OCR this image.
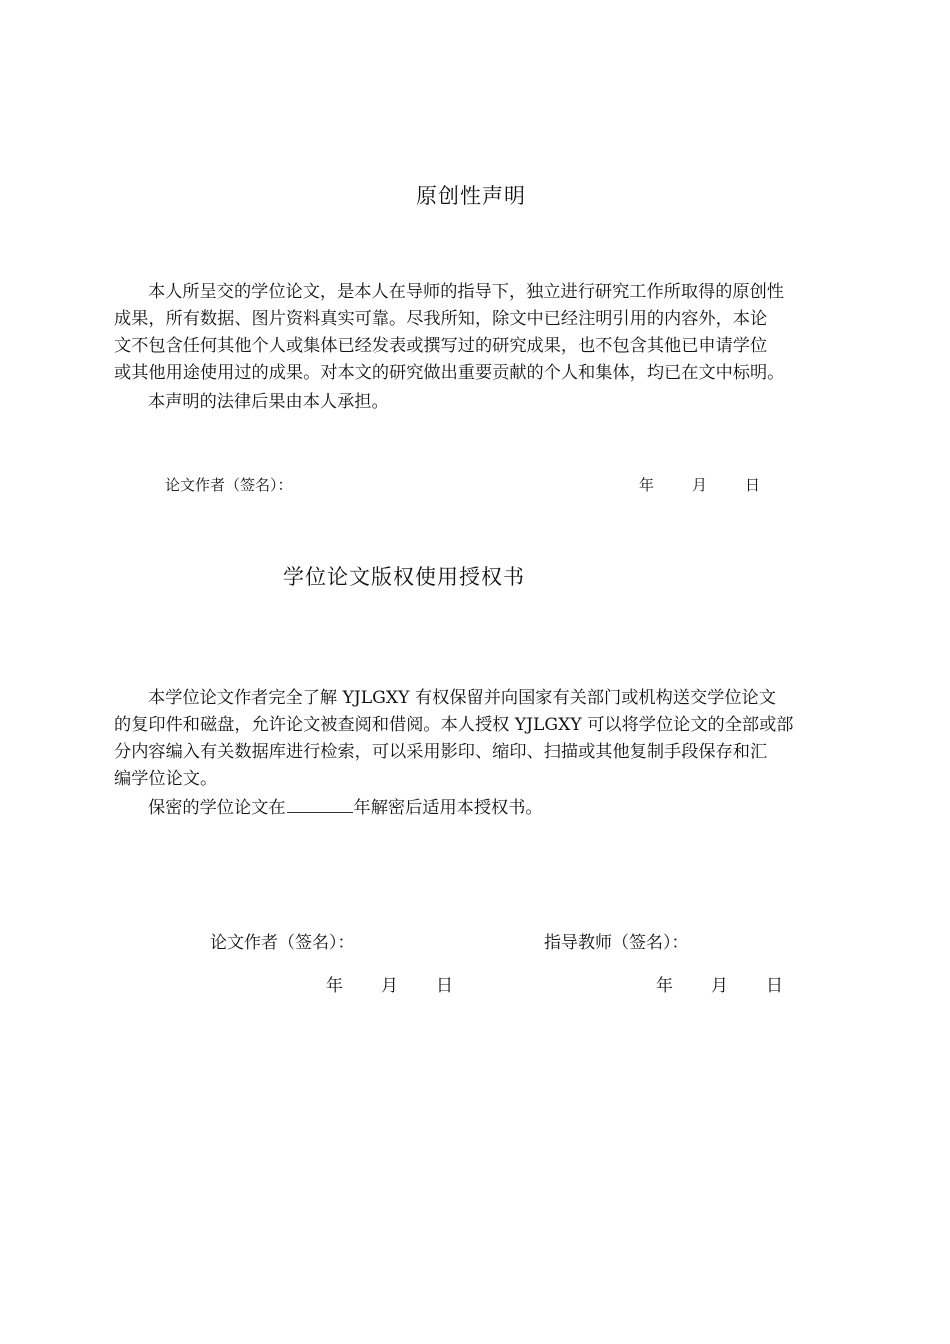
原创性声明
本人所呈交的学位论文，是本人在导师的指导下，独立进行研究工作所取得的原创性
成果，所有数据、图片资料真实可靠。尽我所知，除文中已经注明引用的内容外，本论
文不包含任何其他个人或集体已经发表或撰写过的研究成果，也不包含其他已申请学位
或其他用途使用过的成果。对本文的研究做出重要贡献的个人和集体，均已在文中标明。
本声明的法律后果由本人承担。
论文作者（签名）：	年	月	日
学位论文版权使用授权书
本学位论文作者完全了解 YJLGXY 有权保留并向国家有关部门或机构送交学位论文
的复印件和磁盘，允许论文被查阅和借阅。本人授权 YJLGXY 可以将学位论文的全部或部
分内容编入有关数据库进行检索，可以采用影印、缩印、扫描或其他复制手段保存和汇
编学位论文。
保密的学位论文在	年解密后适用本授权书。
论文作者（签名）：	指导教师（签名）：
年 月 日	年 月 日
